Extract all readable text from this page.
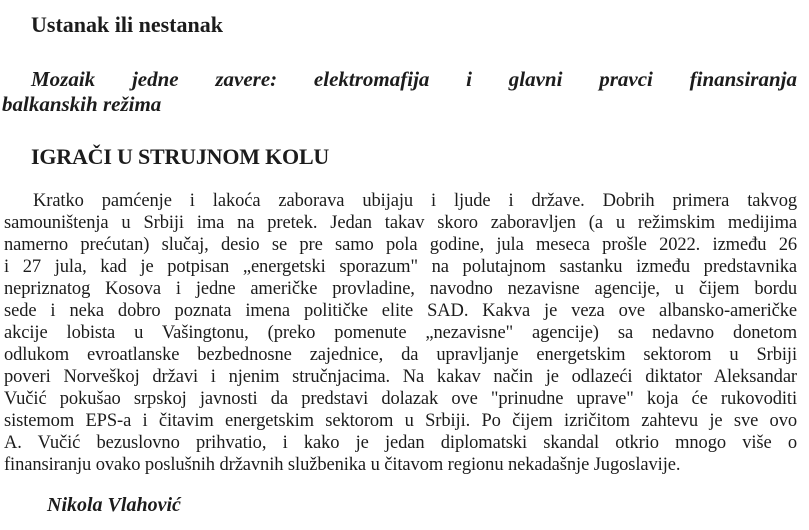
Ustanak ili nestanak

Mozaik jedne zavere: elektromafija i glavni pravci finansiranja
balkanskih režima

IGRAČI U STRUJNOM KOLU

Kratko pamćenje i lakoća zaborava ubijaju i ljude i države. Dobrih primera takvog
samouništenja u Srbiji ima na pretek. Jedan takav skoro zaboravljen (a u režimskim medijima
namerno prećutan) slučaj, desio se pre samo pola godine, jula meseca prošle 2022. između 26
i 27 jula, kad je potpisan „energetski sporazum" na polutajnom sastanku između predstavnika
nepriznatog Kosova i jedne američke provladine, navodno nezavisne agencije, u čijem bordu
sede i neka dobro poznata imena političke elite SAD. Kakva je veza ove albansko-američke
akcije lobista u Vašingtonu, (preko pomenute „nezavisne" agencije) sa nedavno donetom
odlukom evroatlanske bezbednosne zajednice, da upravljanje energetskim sektorom u Srbiji
poveri Norveškoj državi i njenim stručnjacima. Na kakav način je odlazeći diktator Aleksandar
Vučić pokušao srpskoj javnosti da predstavi dolazak ove "prinudne uprave" koja će rukovoditi
sistemom EPS-a i čitavim energetskim sektorom u Srbiji. Po čijem izričitom zahtevu je sve ovo
A. Vučić bezuslovno prihvatio, i kako je jedan diplomatski skandal otkrio mnogo više o
finansiranju ovako poslušnih državnih službenika u čitavom regionu nekadašnje Jugoslavije.

Nikola Vlahović
